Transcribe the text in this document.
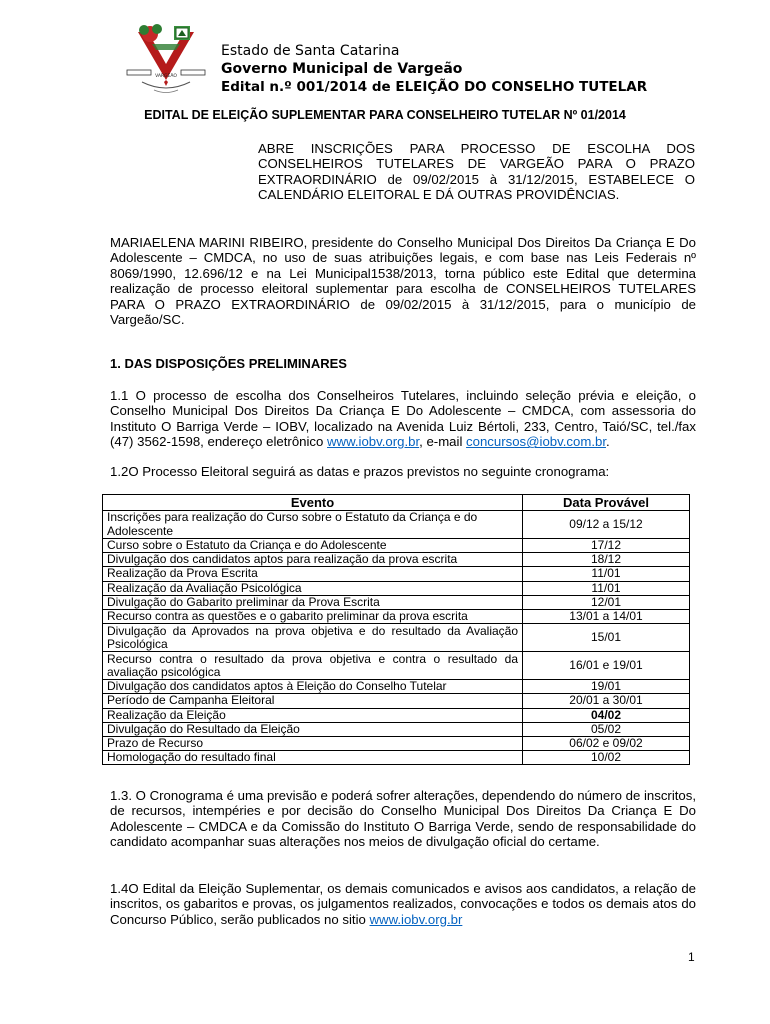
VARGEÃO
Estado de Santa Catarina
Governo Municipal de Vargeão
Edital n.º 001/2014 de ELEIÇÃO DO CONSELHO TUTELAR
EDITAL DE ELEIÇÃO SUPLEMENTAR PARA CONSELHEIRO TUTELAR Nº 01/2014

ABRE INSCRIÇÕES PARA PROCESSO DE ESCOLHA DOS CONSELHEIROS TUTELARES DE VARGEÃO PARA O PRAZO EXTRAORDINÁRIO de 09/02/2015 à 31/12/2015, ESTABELECE O CALENDÁRIO ELEITORAL E DÁ OUTRAS PROVIDÊNCIAS.

MARIAELENA MARINI RIBEIRO, presidente do Conselho Municipal Dos Direitos Da Criança E Do Adolescente – CMDCA, no uso de suas atribuições legais, e com base nas Leis Federais nº 8069/1990, 12.696/12 e na Lei Municipal1538/2013, torna público este Edital que determina realização de processo eleitoral suplementar para escolha de CONSELHEIROS TUTELARES PARA O PRAZO EXTRAORDINÁRIO de 09/02/2015 à 31/12/2015, para o município de Vargeão/SC.

1. DAS DISPOSIÇÕES PRELIMINARES

1.1 O processo de escolha dos Conselheiros Tutelares, incluindo seleção prévia e eleição, o Conselho Municipal Dos Direitos Da Criança E Do Adolescente – CMDCA, com assessoria do Instituto O Barriga Verde – IOBV, localizado na Avenida Luiz Bértoli, 233, Centro, Taió/SC, tel./fax (47) 3562-1598, endereço eletrônico www.iobv.org.br, e-mail concursos@iobv.com.br.

1.2O Processo Eleitoral seguirá as datas e prazos previstos no seguinte cronograma:

Evento	Data Provável
Inscrições para realização do Curso sobre o Estatuto da Criança e do Adolescente	09/12 a 15/12
Curso sobre o Estatuto da Criança e do Adolescente	17/12
Divulgação dos candidatos aptos para realização da prova escrita	18/12
Realização da Prova Escrita	11/01
Realização da Avaliação Psicológica	11/01
Divulgação do Gabarito preliminar da Prova Escrita	12/01
Recurso contra as questões e o gabarito preliminar da prova escrita	13/01 a 14/01
Divulgação da Aprovados na prova objetiva e do resultado da Avaliação Psicológica	15/01
Recurso contra o resultado da prova objetiva e contra o resultado da avaliação psicológica	16/01 e 19/01
Divulgação dos candidatos aptos à Eleição do Conselho Tutelar	19/01
Período de Campanha Eleitoral	20/01 a 30/01
Realização da Eleição	04/02
Divulgação do Resultado da Eleição	05/02
Prazo de Recurso	06/02 e 09/02
Homologação do resultado final	10/02

1.3. O Cronograma é uma previsão e poderá sofrer alterações, dependendo do número de inscritos, de recursos, intempéries e por decisão do Conselho Municipal Dos Direitos Da Criança E Do Adolescente – CMDCA e da Comissão do Instituto O Barriga Verde, sendo de responsabilidade do candidato acompanhar suas alterações nos meios de divulgação oficial do certame.

1.4O Edital da Eleição Suplementar, os demais comunicados e avisos aos candidatos, a relação de inscritos, os gabaritos e provas, os julgamentos realizados, convocações e todos os demais atos do Concurso Público, serão publicados no sitio www.iobv.org.br

1
